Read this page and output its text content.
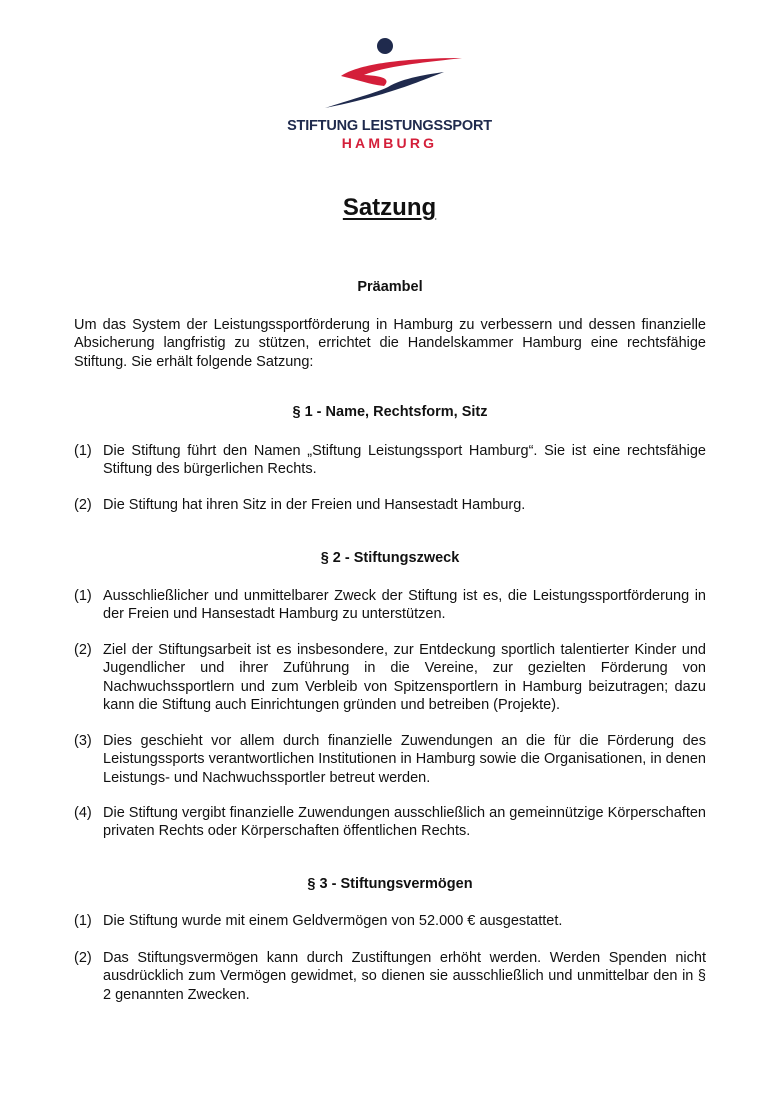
STIFTUNG LEISTUNGSSPORT
HAMBURG
Satzung
Präambel
Um das System der Leistungssportförderung in Hamburg zu verbessern und dessen finanzielle Absicherung langfristig zu stützen, errichtet die Handelskammer Hamburg eine rechtsfähige Stiftung. Sie erhält folgende Satzung:
§ 1 - Name, Rechtsform, Sitz
(1) Die Stiftung führt den Namen „Stiftung Leistungssport Hamburg“. Sie ist eine rechtsfähige Stiftung des bürgerlichen Rechts.
(2) Die Stiftung hat ihren Sitz in der Freien und Hansestadt Hamburg.
§ 2 - Stiftungszweck
(1) Ausschließlicher und unmittelbarer Zweck der Stiftung ist es, die Leistungssportförderung in der Freien und Hansestadt Hamburg zu unterstützen.
(2) Ziel der Stiftungsarbeit ist es insbesondere, zur Entdeckung sportlich talentierter Kinder und Jugendlicher und ihrer Zuführung in die Vereine, zur gezielten Förderung von Nachwuchssportlern und zum Verbleib von Spitzensportlern in Hamburg beizutragen; dazu kann die Stiftung auch Einrichtungen gründen und betreiben (Projekte).
(3) Dies geschieht vor allem durch finanzielle Zuwendungen an die für die Förderung des Leistungssports verantwortlichen Institutionen in Hamburg sowie die Organisationen, in denen Leistungs- und Nachwuchssportler betreut werden.
(4) Die Stiftung vergibt finanzielle Zuwendungen ausschließlich an gemeinnützige Körperschaften privaten Rechts oder Körperschaften öffentlichen Rechts.
§ 3 - Stiftungsvermögen
(1) Die Stiftung wurde mit einem Geldvermögen von 52.000 € ausgestattet.
(2) Das Stiftungsvermögen kann durch Zustiftungen erhöht werden. Werden Spenden nicht ausdrücklich zum Vermögen gewidmet, so dienen sie ausschließlich und unmittelbar den in § 2 genannten Zwecken.
